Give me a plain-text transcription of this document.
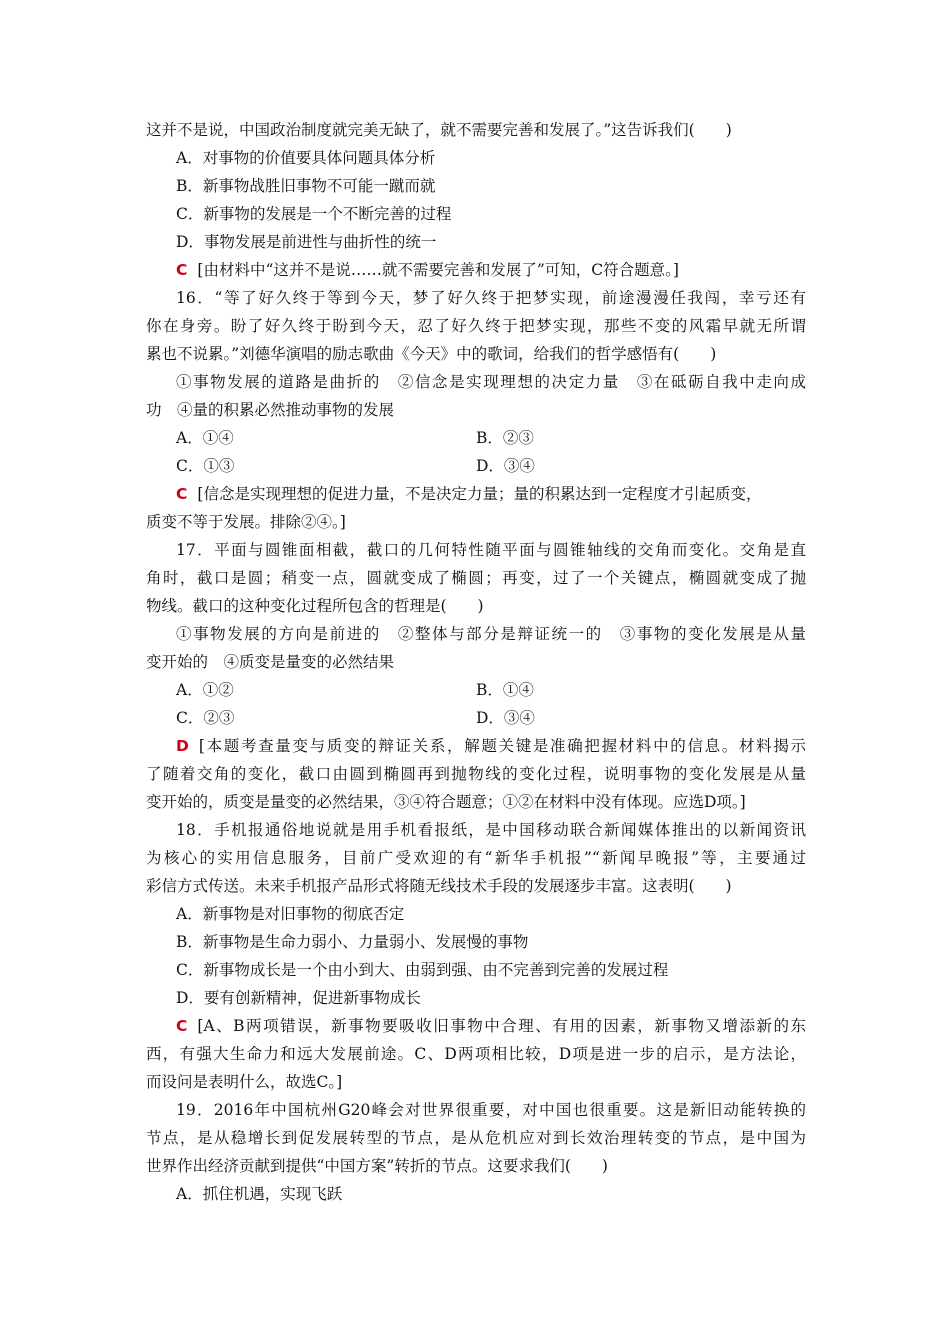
这并不是说，中国政治制度就完美无缺了，就不需要完善和发展了。”这告诉我们(　　)
A．对事物的价值要具体问题具体分析
B．新事物战胜旧事物不可能一蹴而就
C．新事物的发展是一个不断完善的过程
D．事物发展是前进性与曲折性的统一
C [由材料中“这并不是说……就不需要完善和发展了”可知，C符合题意。]
16．“等了好久终于等到今天，梦了好久终于把梦实现，前途漫漫任我闯，幸亏还有
你在身旁。盼了好久终于盼到今天，忍了好久终于把梦实现，那些不变的风霜早就无所谓
累也不说累。”刘德华演唱的励志歌曲《今天》中的歌词，给我们的哲学感悟有(　　)
①事物发展的道路是曲折的　②信念是实现理想的决定力量　③在砥砺自我中走向成
功　④量的积累必然推动事物的发展
A．①④	B．②③
C．①③	D．③④
C [信念是实现理想的促进力量，不是决定力量；量的积累达到一定程度才引起质变，
质变不等于发展。排除②④。]
17．平面与圆锥面相截，截口的几何特性随平面与圆锥轴线的交角而变化。交角是直
角时，截口是圆；稍变一点，圆就变成了椭圆；再变，过了一个关键点，椭圆就变成了抛
物线。截口的这种变化过程所包含的哲理是(　　)
①事物发展的方向是前进的　②整体与部分是辩证统一的　③事物的变化发展是从量
变开始的　④质变是量变的必然结果
A．①②	B．①④
C．②③	D．③④
D [本题考查量变与质变的辩证关系，解题关键是准确把握材料中的信息。材料揭示
了随着交角的变化，截口由圆到椭圆再到抛物线的变化过程，说明事物的变化发展是从量
变开始的，质变是量变的必然结果，③④符合题意；①②在材料中没有体现。应选D项。]
18．手机报通俗地说就是用手机看报纸，是中国移动联合新闻媒体推出的以新闻资讯
为核心的实用信息服务，目前广受欢迎的有“新华手机报”“新闻早晚报”等，主要通过
彩信方式传送。未来手机报产品形式将随无线技术手段的发展逐步丰富。这表明(　　)
A．新事物是对旧事物的彻底否定
B．新事物是生命力弱小、力量弱小、发展慢的事物
C．新事物成长是一个由小到大、由弱到强、由不完善到完善的发展过程
D．要有创新精神，促进新事物成长
C [A、B两项错误，新事物要吸收旧事物中合理、有用的因素，新事物又增添新的东
西，有强大生命力和远大发展前途。C、D两项相比较，D项是进一步的启示，是方法论，
而设问是表明什么，故选C。]
19．2016年中国杭州G20峰会对世界很重要，对中国也很重要。这是新旧动能转换的
节点，是从稳增长到促发展转型的节点，是从危机应对到长效治理转变的节点，是中国为
世界作出经济贡献到提供“中国方案”转折的节点。这要求我们(　　)
A．抓住机遇，实现飞跃
